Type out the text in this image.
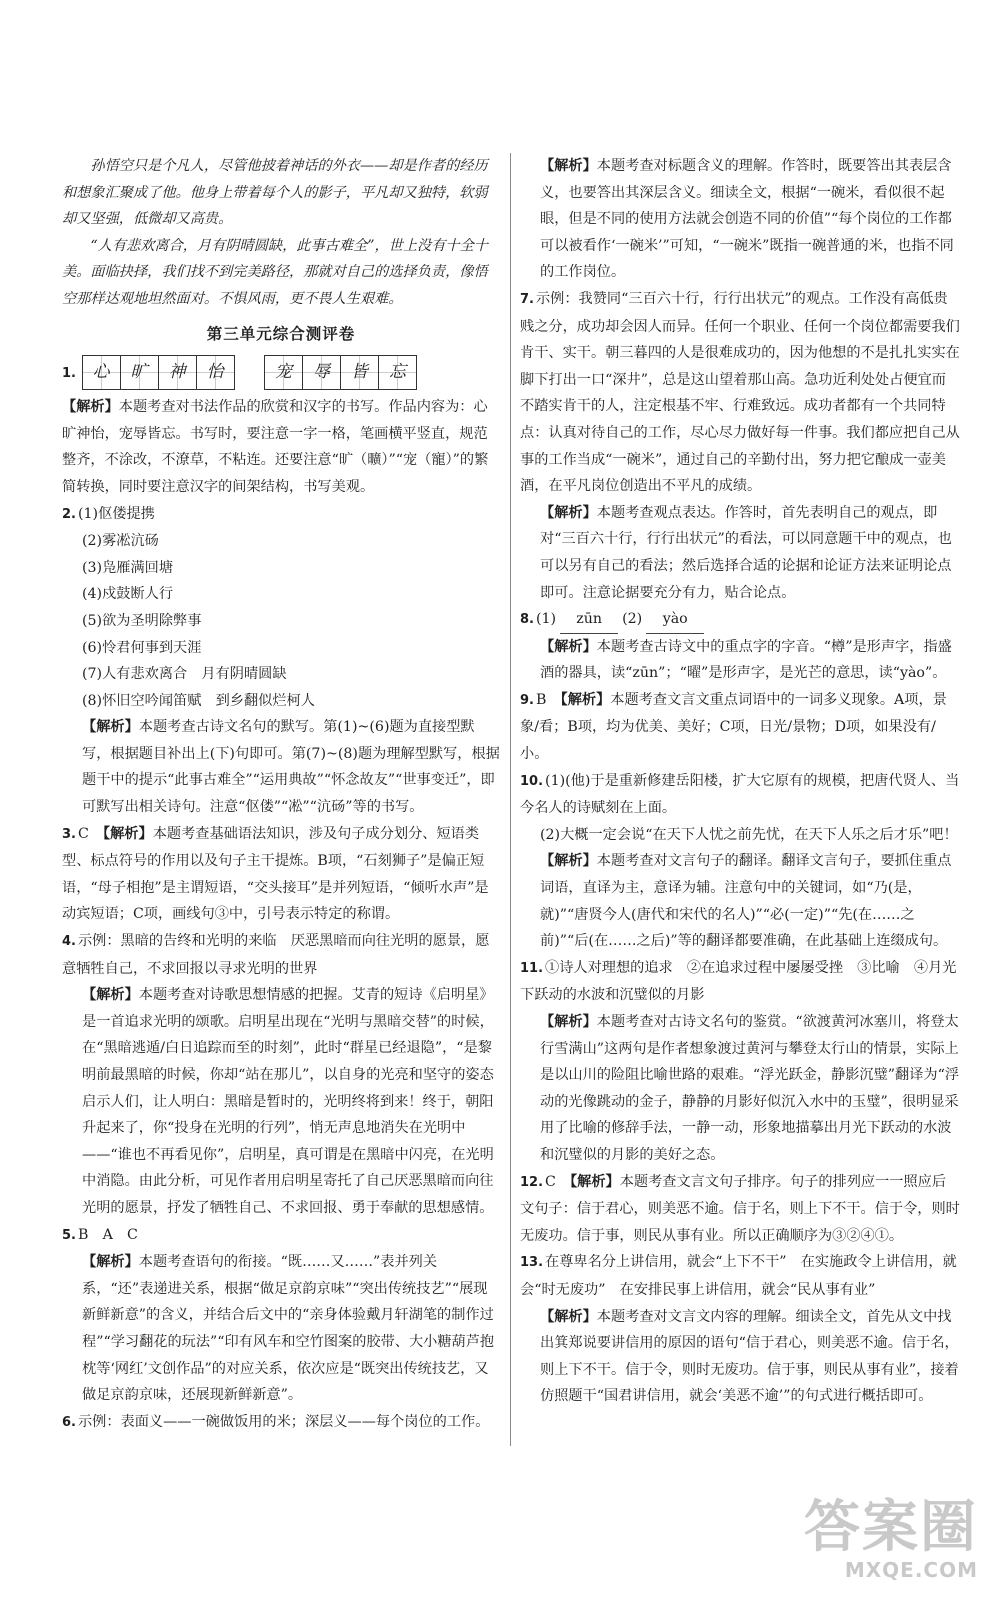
孙悟空只是个凡人，尽管他披着神话的外衣——却是作者的经历和想象汇聚成了他。他身上带着每个人的影子，平凡却又独特，软弱却又坚强，低微却又高贵。

“人有悲欢离合，月有阴晴圆缺，此事古难全”，世上没有十全十美。面临抉择，我们找不到完美路径，那就对自己的选择负责，像悟空那样达观地坦然面对。不惧风雨，更不畏人生艰难。

第三单元综合测评卷
1. 心	旷	神	怡
	宠	辱	皆	忘

【解析】本题考查对书法作品的欣赏和汉字的书写。作品内容为：心旷神怡，宠辱皆忘。书写时，要注意一字一格，笔画横平竖直，规范整齐，不涂改，不潦草，不粘连。还要注意“旷（曠）”“宠（寵）”的繁简转换，同时要注意汉字的间架结构，书写美观。

2. (1)伛偻提携

(2)雾凇沆砀

(3)凫雁满回塘

(4)戍鼓断人行

(5)欲为圣明除弊事

(6)怜君何事到天涯

(7)人有悲欢离合　月有阴晴圆缺

(8)怀旧空吟闻笛赋　到乡翻似烂柯人

【解析】本题考查古诗文名句的默写。第(1)~(6)题为直接型默写，根据题目补出上(下)句即可。第(7)~(8)题为理解型默写，根据题干中的提示“此事古难全”“运用典故”“怀念故友”“世事变迁”，即可默写出相关诗句。注意“伛偻”“凇”“沆砀”等的书写。

3. C　【解析】本题考查基础语法知识，涉及句子成分划分、短语类型、标点符号的作用以及句子主干提炼。B项，“石刻狮子”是偏正短语，“母子相抱”是主谓短语，“交头接耳”是并列短语，“倾听水声”是动宾短语；C项，画线句③中，引号表示特定的称谓。

4. 示例：黑暗的告终和光明的来临　厌恶黑暗而向往光明的愿景，愿意牺牲自己，不求回报以寻求光明的世界

【解析】本题考查对诗歌思想情感的把握。艾青的短诗《启明星》是一首追求光明的颂歌。启明星出现在“光明与黑暗交替”的时候，在“黑暗逃遁/白日追踪而至的时刻”，此时“群星已经退隐”，“是黎明前最黑暗的时候，你却“站在那儿”，以自身的光亮和坚守的姿态启示人们，让人明白：黑暗是暂时的，光明终将到来！终于，朝阳升起来了，你“投身在光明的行列”，悄无声息地消失在光明中——“谁也不再看见你”，启明星，真可谓是在黑暗中闪亮，在光明中消隐。由此分析，可见作者用启明星寄托了自己厌恶黑暗而向往光明的愿景，抒发了牺牲自己、不求回报、勇于奉献的思想感情。

5. B　A　C

【解析】本题考查语句的衔接。“既……又……”表并列关系，“还”表递进关系，根据“做足京韵京味”“突出传统技艺”“展现新鲜新意”的含义，并结合后文中的“亲身体验戴月轩湖笔的制作过程”“学习翻花的玩法”“印有风车和空竹图案的胶带、大小糖葫芦抱枕等‘网红’文创作品”的对应关系，依次应是“既突出传统技艺，又做足京韵京味，还展现新鲜新意”。

6. 示例：表面义——一碗做饭用的米；深层义——每个岗位的工作。

【解析】本题考查对标题含义的理解。作答时，既要答出其表层含义，也要答出其深层含义。细读全文，根据“一碗米，看似很不起眼，但是不同的使用方法就会创造不同的价值”“每个岗位的工作都可以被看作‘一碗米’”可知，“一碗米”既指一碗普通的米，也指不同的工作岗位。

7. 示例：我赞同“三百六十行，行行出状元”的观点。工作没有高低贵贱之分，成功却会因人而异。任何一个职业、任何一个岗位都需要我们肯干、实干。朝三暮四的人是很难成功的，因为他想的不是扎扎实实在脚下打出一口“深井”，总是这山望着那山高。急功近利处处占便宜而不踏实肯干的人，注定根基不牢、行难致远。成功者都有一个共同特点：认真对待自己的工作，尽心尽力做好每一件事。我们都应把自己从事的工作当成“一碗米”，通过自己的辛勤付出，努力把它酿成一壶美酒，在平凡岗位创造出不平凡的成绩。

【解析】本题考查观点表达。作答时，首先表明自己的观点，即对“三百六十行，行行出状元”的看法，可以同意题干中的观点，也可以另有自己的看法；然后选择合适的论据和论证方法来证明论点即可。注意论据要充分有力，贴合论点。

8. (1) zūn (2) yào

【解析】本题考查古诗文中的重点字的字音。“樽”是形声字，指盛酒的器具，读“zūn”；“曜”是形声字，是光芒的意思，读“yào”。

9. B　【解析】本题考查文言文重点词语中的一词多义现象。A项，景象/看；B项，均为优美、美好；C项，日光/景物；D项，如果没有/小。

10. (1)(他)于是重新修建岳阳楼，扩大它原有的规模，把唐代贤人、当今名人的诗赋刻在上面。

(2)大概一定会说“在天下人忧之前先忧，在天下人乐之后才乐”吧！

【解析】本题考查对文言句子的翻译。翻译文言句子，要抓住重点词语，直译为主，意译为辅。注意句中的关键词，如“乃(是，就)”“唐贤今人(唐代和宋代的名人)”“必(一定)”“先(在……之前)”“后(在……之后)”等的翻译都要准确，在此基础上连缀成句。

11. ①诗人对理想的追求　②在追求过程中屡屡受挫　③比喻　④月光下跃动的水波和沉璧似的月影

【解析】本题考查对古诗文名句的鉴赏。“欲渡黄河冰塞川，将登太行雪满山”这两句是作者想象渡过黄河与攀登太行山的情景，实际上是以山川的险阻比喻世路的艰难。“浮光跃金，静影沉璧”翻译为“浮动的光像跳动的金子，静静的月影好似沉入水中的玉璧”，很明显采用了比喻的修辞手法，一静一动，形象地描摹出月光下跃动的水波和沉璧似的月影的美好之态。

12. C　【解析】本题考查文言文句子排序。句子的排列应一一照应后文句子：信于君心，则美恶不逾。信于名，则上下不干。信于令，则时无废功。信于事，则民从事有业。所以正确顺序为③②④①。

13. 在尊卑名分上讲信用，就会“上下不干”　在实施政令上讲信用，就会“时无废功”　在安排民事上讲信用，就会“民从事有业”

【解析】本题考查对文言文内容的理解。细读全文，首先从文中找出箕郑说要讲信用的原因的语句“信于君心，则美恶不逾。信于名，则上下不干。信于令，则时无废功。信于事，则民从事有业”，接着仿照题干“国君讲信用，就会‘美恶不逾’”的句式进行概括即可。

答案圈
MXQE.COM
